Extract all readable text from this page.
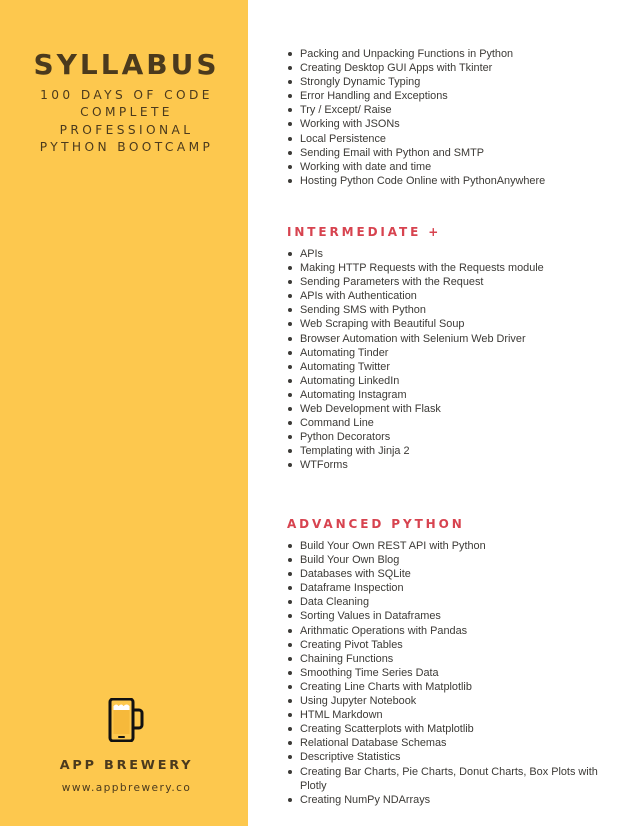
SYLLABUS
100 DAYS OF CODE
COMPLETE
PROFESSIONAL
PYTHON BOOTCAMP
APP BREWERY
www.appbrewery.co
Packing and Unpacking Functions in Python
Creating Desktop GUI Apps with Tkinter
Strongly Dynamic Typing
Error Handling and Exceptions
Try / Except/ Raise
Working with JSONs
Local Persistence
Sending Email with Python and SMTP
Working with date and time
Hosting Python Code Online with PythonAnywhere
INTERMEDIATE +
APIs
Making HTTP Requests with the Requests module
Sending Parameters with the Request
APIs with Authentication
Sending SMS with Python
Web Scraping with Beautiful Soup
Browser Automation with Selenium Web Driver
Automating Tinder
Automating Twitter
Automating LinkedIn
Automating Instagram
Web Development with Flask
Command Line
Python Decorators
Templating with Jinja 2
WTForms
ADVANCED PYTHON
Build Your Own REST API with Python
Build Your Own Blog
Databases with SQLite
Dataframe Inspection
Data Cleaning
Sorting Values in Dataframes
Arithmatic Operations with Pandas
Creating Pivot Tables
Chaining Functions
Smoothing Time Series Data
Creating Line Charts with Matplotlib
Using Jupyter Notebook
HTML Markdown
Creating Scatterplots with Matplotlib
Relational Database Schemas
Descriptive Statistics
Creating Bar Charts, Pie Charts, Donut Charts, Box Plots with Plotly
Creating NumPy NDArrays
